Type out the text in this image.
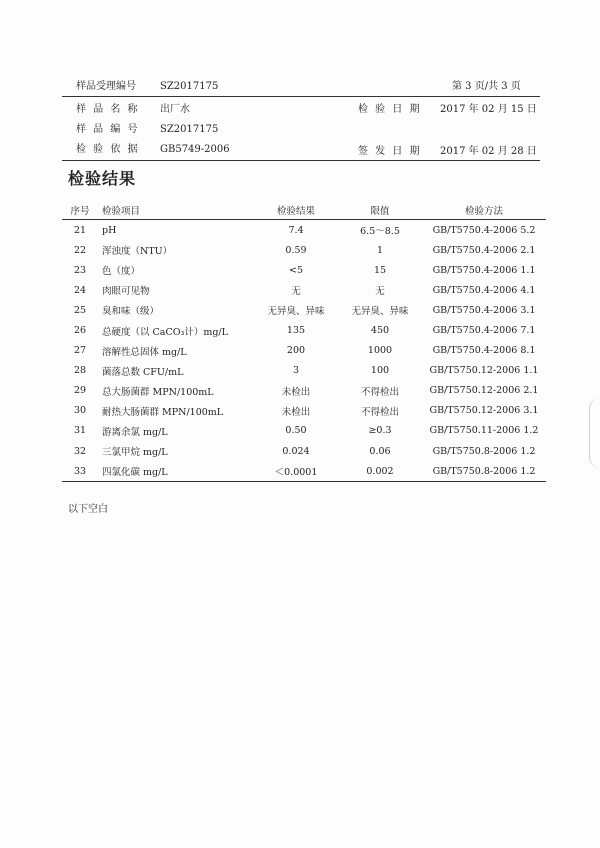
样品受理编号 SZ2017175	第 3 页/共 3 页
样 品 名 称 出厂水	检 验 日 期 2017 年 02 月 15 日
样 品 编 号 SZ2017175
检 验 依 据 GB5749-2006	签 发 日 期 2017 年 02 月 28 日
检验结果
序号	检验项目	检验结果	限值	检验方法
21	pH	7.4	6.5～8.5	GB/T5750.4-2006 5.2
22	浑浊度（NTU）	0.59	1	GB/T5750.4-2006 2.1
23	色（度）	<5	15	GB/T5750.4-2006 1.1
24	肉眼可见物	无	无	GB/T5750.4-2006 4.1
25	臭和味（级）	无异臭、异味	无异臭、异味	GB/T5750.4-2006 3.1
26	总硬度（以 CaCO₃计）mg/L	135	450	GB/T5750.4-2006 7.1
27	溶解性总固体 mg/L	200	1000	GB/T5750.4-2006 8.1
28	菌落总数 CFU/mL	3	100	GB/T5750.12-2006 1.1
29	总大肠菌群 MPN/100mL	未检出	不得检出	GB/T5750.12-2006 2.1
30	耐热大肠菌群 MPN/100mL	未检出	不得检出	GB/T5750.12-2006 3.1
31	游离余氯 mg/L	0.50	≥0.3	GB/T5750.11-2006 1.2
32	三氯甲烷 mg/L	0.024	0.06	GB/T5750.8-2006 1.2
33	四氯化碳 mg/L	＜0.0001	0.002	GB/T5750.8-2006 1.2
以下空白
